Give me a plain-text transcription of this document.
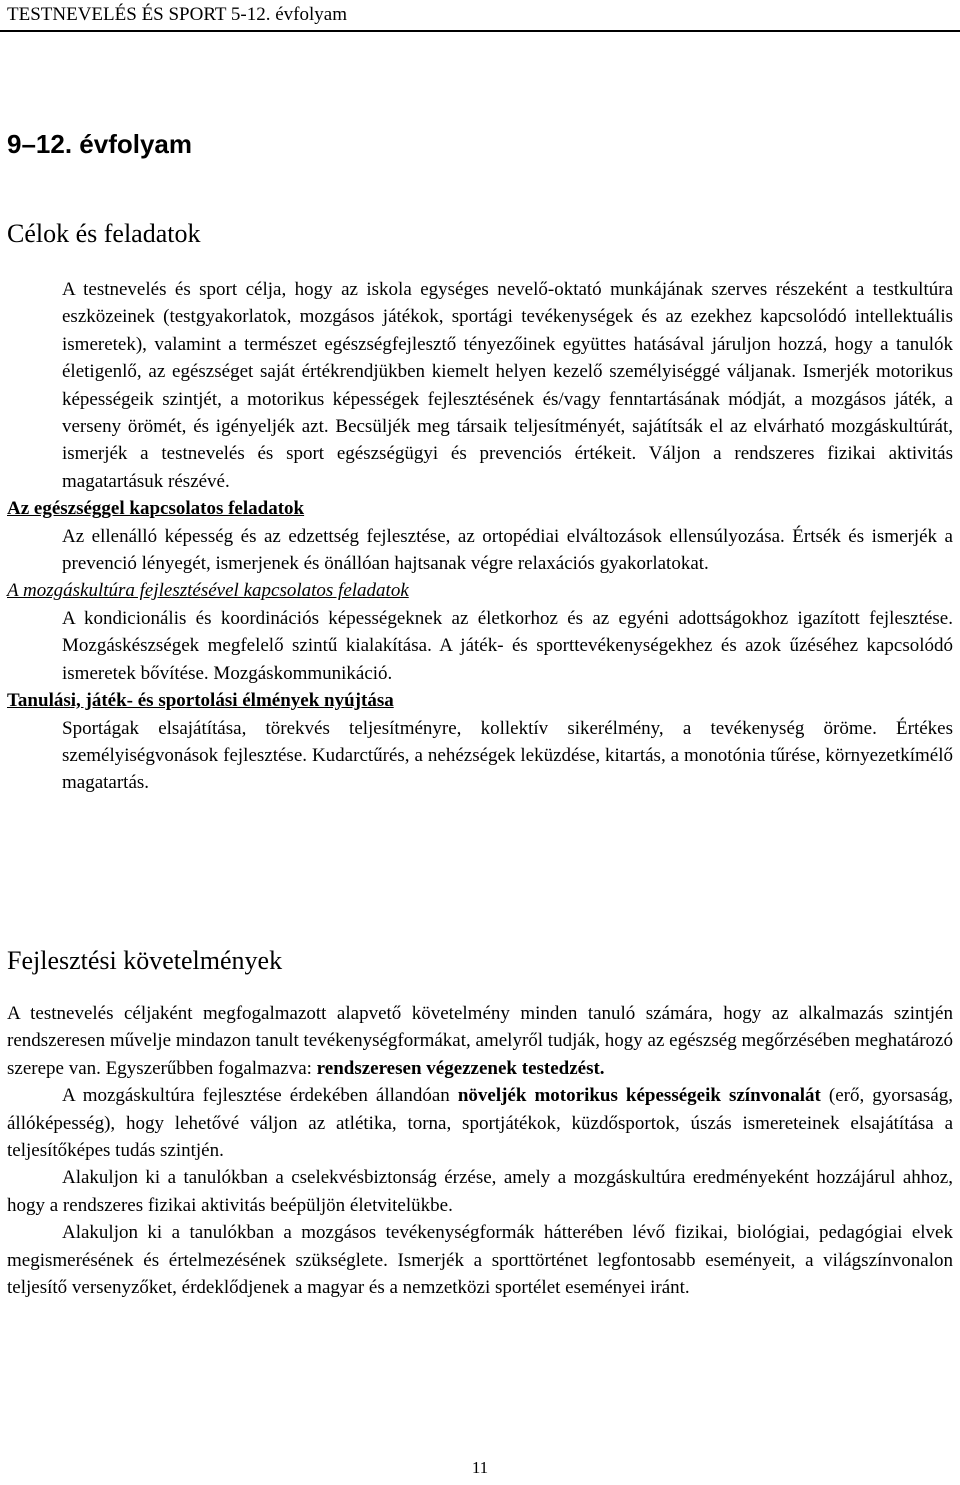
TESTNEVELÉS ÉS SPORT 5-12. évfolyam
9–12. évfolyam
Célok és feladatok

A testnevelés és sport célja, hogy az iskola egységes nevelő-oktató munkájának szerves részeként a testkultúra eszközeinek (testgyakorlatok, mozgásos játékok, sportági tevékenységek és az ezekhez kapcsolódó intellektuális ismeretek), valamint a természet egészségfejlesztő tényezőinek együttes hatásával járuljon hozzá, hogy a tanulók életigenlő, az egészséget saját értékrendjükben kiemelt helyen kezelő személyiséggé váljanak. Ismerjék motorikus képességeik szintjét, a motorikus képességek fejlesztésének és/vagy fenntartásának módját, a mozgásos játék, a verseny örömét, és igényeljék azt. Becsüljék meg társaik teljesítményét, sajátítsák el az elvárható mozgáskultúrát, ismerjék a testnevelés és sport egészségügyi és prevenciós értékeit. Váljon a rendszeres fizikai aktivitás magatartásuk részévé.

Az egészséggel kapcsolatos feladatok

Az ellenálló képesség és az edzettség fejlesztése, az ortopédiai elváltozások ellensúlyozása. Értsék és ismerjék a prevenció lényegét, ismerjenek és önállóan hajtsanak végre relaxációs gyakorlatokat.

A mozgáskultúra fejlesztésével kapcsolatos feladatok

A kondicionális és koordinációs képességeknek az életkorhoz és az egyéni adottságokhoz igazított fejlesztése. Mozgáskészségek megfelelő szintű kialakítása. A játék- és sporttevékenységekhez és azok űzéséhez kapcsolódó ismeretek bővítése. Mozgáskommunikáció.

Tanulási, játék- és sportolási élmények nyújtása

Sportágak elsajátítása, törekvés teljesítményre, kollektív sikerélmény, a tevékenység öröme. Értékes személyiségvonások fejlesztése. Kudarctűrés, a nehézségek leküzdése, kitartás, a monotónia tűrése, környezetkímélő magatartás.

Fejlesztési követelmények

A testnevelés céljaként megfogalmazott alapvető követelmény minden tanuló számára, hogy az alkalmazás szintjén rendszeresen művelje mindazon tanult tevékenységformákat, amelyről tudják, hogy az egészség megőrzésében meghatározó szerepe van. Egyszerűbben fogalmazva: rendszeresen végezzenek testedzést.

A mozgáskultúra fejlesztése érdekében állandóan növeljék motorikus képességeik színvonalát (erő, gyorsaság, állóképesség), hogy lehetővé váljon az atlétika, torna, sportjátékok, küzdősportok, úszás ismereteinek elsajátítása a teljesítőképes tudás szintjén.

Alakuljon ki a tanulókban a cselekvésbiztonság érzése, amely a mozgáskultúra eredményeként hozzájárul ahhoz, hogy a rendszeres fizikai aktivitás beépüljön életvitelükbe.

Alakuljon ki a tanulókban a mozgásos tevékenységformák hátterében lévő fizikai, biológiai, pedagógiai elvek megismerésének és értelmezésének szükséglete. Ismerjék a sporttörténet legfontosabb eseményeit, a világszínvonalon teljesítő versenyzőket, érdeklődjenek a magyar és a nemzetközi sportélet eseményei iránt.

11
